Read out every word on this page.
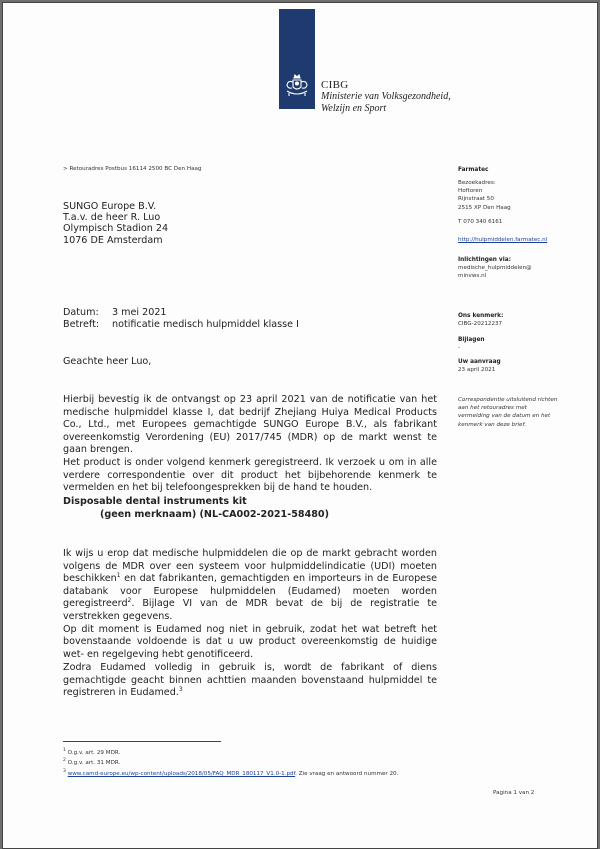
CIBG
Ministerie van Volksgezondheid,
Welzijn en Sport
> Retouradres Postbus 16114 2500 BC Den Haag
SUNGO Europe B.V.
T.a.v. de heer R. Luo
Olympisch Stadion 24
1076 DE Amsterdam
Datum: 3 mei 2021
Betreft: notificatie medisch hulpmiddel klasse I
Geachte heer Luo,

Hierbij bevestig ik de ontvangst op 23 april 2021 van de notificatie van het medische hulpmiddel klasse I, dat bedrijf Zhejiang Huiya Medical Products Co., Ltd., met Europees gemachtigde SUNGO Europe B.V., als fabrikant overeenkomstig Verordening (EU) 2017/745 (MDR) op de markt wenst te gaan brengen.

Het product is onder volgend kenmerk geregistreerd. Ik verzoek u om in alle verdere correspondentie over dit product het bijbehorende kenmerk te vermelden en het bij telefoongesprekken bij de hand te houden.

Disposable dental instruments kit
(geen merknaam) (NL-CA002-2021-58480)

Ik wijs u erop dat medische hulpmiddelen die op de markt gebracht worden volgens de MDR over een systeem voor hulpmiddelindicatie (UDI) moeten beschikken$^1$ en dat fabrikanten, gemachtigden en importeurs in de Europese databank voor Europese hulpmiddelen (Eudamed) moeten worden geregistreerd$^2$. Bijlage VI van de MDR bevat de bij de registratie te verstrekken gegevens.

Op dit moment is Eudamed nog niet in gebruik, zodat het wat betreft het bovenstaande voldoende is dat u uw product overeenkomstig de huidige wet- en regelgeving hebt genotificeerd.

Zodra Eudamed volledig in gebruik is, wordt de fabrikant of diens gemachtigde geacht binnen achttien maanden bovenstaand hulpmiddel te registreren in Eudamed.$^3$

$^1$ O.g.v. art. 29 MDR.
$^2$ O.g.v. art. 31 MDR.
$^3$ www.camd-europe.eu/wp-content/uploads/2018/05/FAQ_MDR_180117_V1.0-1.pdf. Zie vraag en antwoord nummer 20.
Pagina 1 van 2
Farmatec
Bezoekadres:
Hoftoren
Rijnstraat 50
2515 XP Den Haag
T 070 340 6161
http://hulpmiddelen.farmatec.nl
Inlichtingen via:
medische_hulpmiddelen@
minvws.nl
Ons kenmerk:
CIBG-20212237
Bijlagen
-
Uw aanvraag
23 april 2021
Correspondentie uitsluitend richten aan het retouradres met vermelding van de datum en het kenmerk van deze brief.
